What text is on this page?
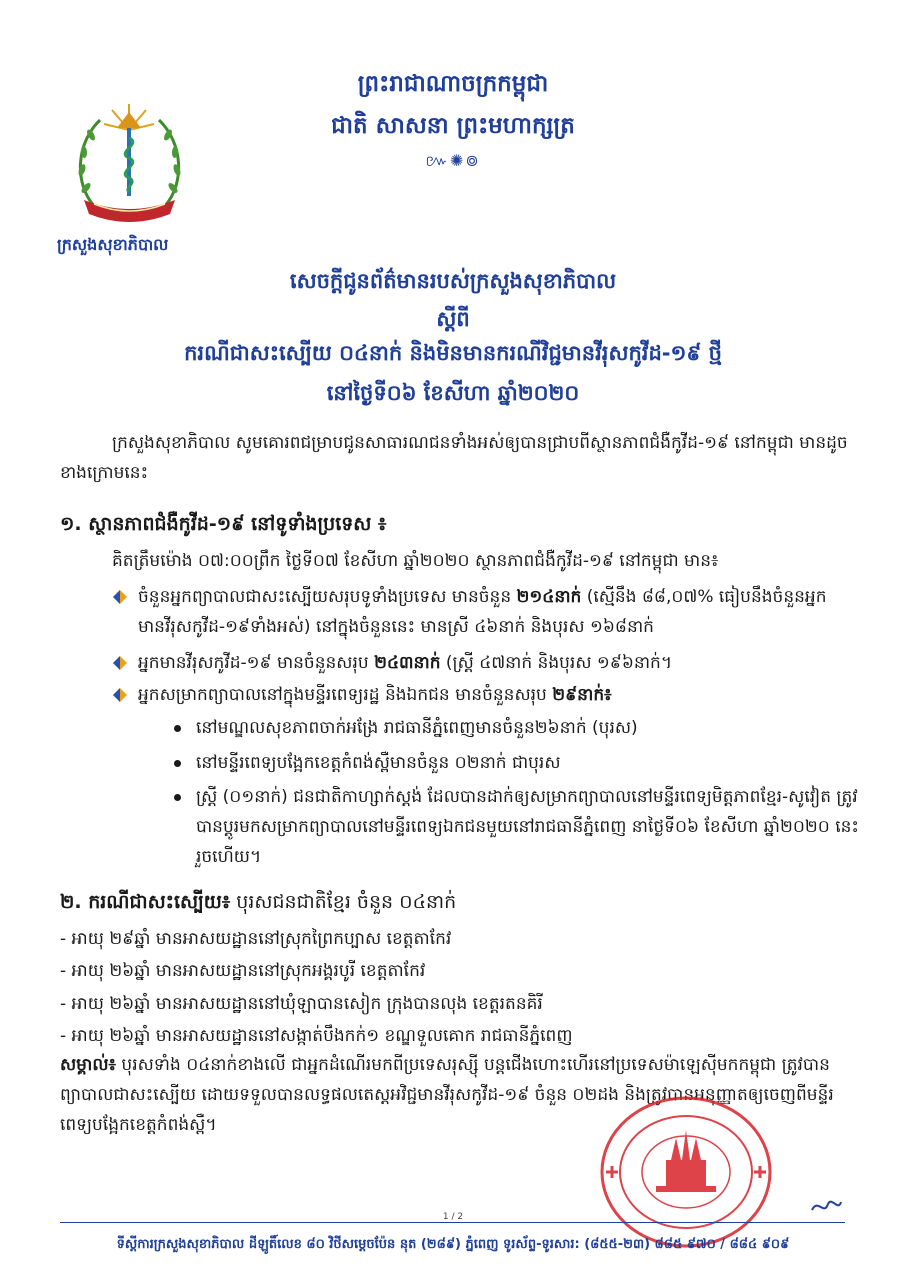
ព្រះរាជាណាចក្រកម្ពុជា
ជាតិ សាសនា ព្រះមហាក្សត្រ
៚✺៙
ក្រសួងសុខាភិបាល
សេចក្តីជូនព័ត៌មានរបស់ក្រសួងសុខាភិបាល
ស្តីពី
ករណីជាសះស្បើយ ០៤នាក់ និងមិនមានករណីវិជ្ជមានវីរុសកូវីដ-១៩ ថ្មី
នៅថ្ងៃទី០៦ ខែសីហា ឆ្នាំ២០២០
ក្រសួងសុខាភិបាល សូមគោរពជម្រាបជូនសាធារណជនទាំងអស់ឲ្យបានជ្រាបពីស្ថានភាពជំងឺកូវីដ-១៩ នៅកម្ពុជា មានដូចខាងក្រោមនេះ
១. ស្ថានភាពជំងឺកូវីដ-១៩ នៅទូទាំងប្រទេស ៖
គិតត្រឹមម៉ោង ០៧:០០ព្រឹក ថ្ងៃទី០៧ ខែសីហា ឆ្នាំ២០២០ ស្ថានភាពជំងឺកូវីដ-១៩ នៅកម្ពុជា មាន៖
ចំនួនអ្នកព្យាបាលជាសះស្បើយសរុបទូទាំងប្រទេស មានចំនួន ២១៤នាក់ (ស្មើនឹង ៨៨,០៧% ធៀបនឹងចំនួនអ្នកមានវីរុសកូវីដ-១៩ទាំងអស់) នៅក្នុងចំនួននេះ មានស្រី ៤៦នាក់ និងបុរស ១៦៨នាក់
អ្នកមានវីរុសកូវីដ-១៩ មានចំនួនសរុប ២៤៣នាក់ (ស្ត្រី ៤៧នាក់ និងបុរស ១៩៦នាក់។
អ្នកសម្រាកព្យាបាលនៅក្នុងមន្ទីរពេទ្យរដ្ឋ និងឯកជន មានចំនួនសរុប ២៩នាក់៖
នៅមណ្ឌលសុខភាពចាក់អង្រែ រាជធានីភ្នំពេញមានចំនួន២៦នាក់ (បុរស)
នៅមន្ទីរពេទ្យបង្អែកខេត្តកំពង់ស្ពឺមានចំនួន ០២នាក់ ជាបុរស
ស្ត្រី (០១នាក់) ជនជាតិកាហ្សាក់ស្តង់ ដែលបានដាក់ឲ្យសម្រាកព្យាបាលនៅមន្ទីរពេទ្យមិត្តភាពខ្មែរ-សូវៀត ត្រូវបានប្តូរមកសម្រាកព្យាបាលនៅមន្ទីរពេទ្យឯកជនមួយនៅរាជធានីភ្នំពេញ នាថ្ងៃទី០៦ ខែសីហា ឆ្នាំ២០២០ នេះរួចហើយ។
២. ករណីជាសះស្បើយ៖ បុរសជនជាតិខ្មែរ ចំនួន ០៤នាក់
- អាយុ ២៩ឆ្នាំ មានអាសយដ្ឋាននៅស្រុកព្រៃកប្បាស ខេត្តតាកែវ
- អាយុ ២៦ឆ្នាំ មានអាសយដ្ឋាននៅស្រុកអង្គរបូរី ខេត្តតាកែវ
- អាយុ ២៦ឆ្នាំ មានអាសយដ្ឋាននៅឃុំឡាបានសៀក ក្រុងបានលុង ខេត្តរតនគិរី
- អាយុ ២៦ឆ្នាំ មានអាសយដ្ឋាននៅសង្កាត់បឹងកក់១ ខណ្ឌទួលគោក រាជធានីភ្នំពេញ
សម្គាល់៖ បុរសទាំង ០៤នាក់ខាងលើ ជាអ្នកដំណើរមកពីប្រទេសរុស្ស៊ី បន្តជើងហោះហើរនៅប្រទេសម៉ាឡេស៊ីមកកម្ពុជា ត្រូវបានព្យាបាលជាសះស្បើយ ដោយទទួលបានលទ្ធផលតេស្តអវិជ្ជមានវីរុសកូវីដ-១៩ ចំនួន ០២ដង និងត្រូវបានអនុញ្ញាតឲ្យចេញពីមន្ទីរពេទ្យបង្អែកខេត្តកំពង់ស្ពឺ។
1 / 2
ទីស្តីការក្រសួងសុខាភិបាល ដីឡូតិ៍លេខ ៨០ វិថីសម្តេចប៉ែន នុត (២៨៩) ភ្នំពេញ ទូរស័ព្ទ-ទូរសារ: (៨៥៥-២៣) ៨៨៥ ៩៧០ / ៨៨៤ ៩០៩
